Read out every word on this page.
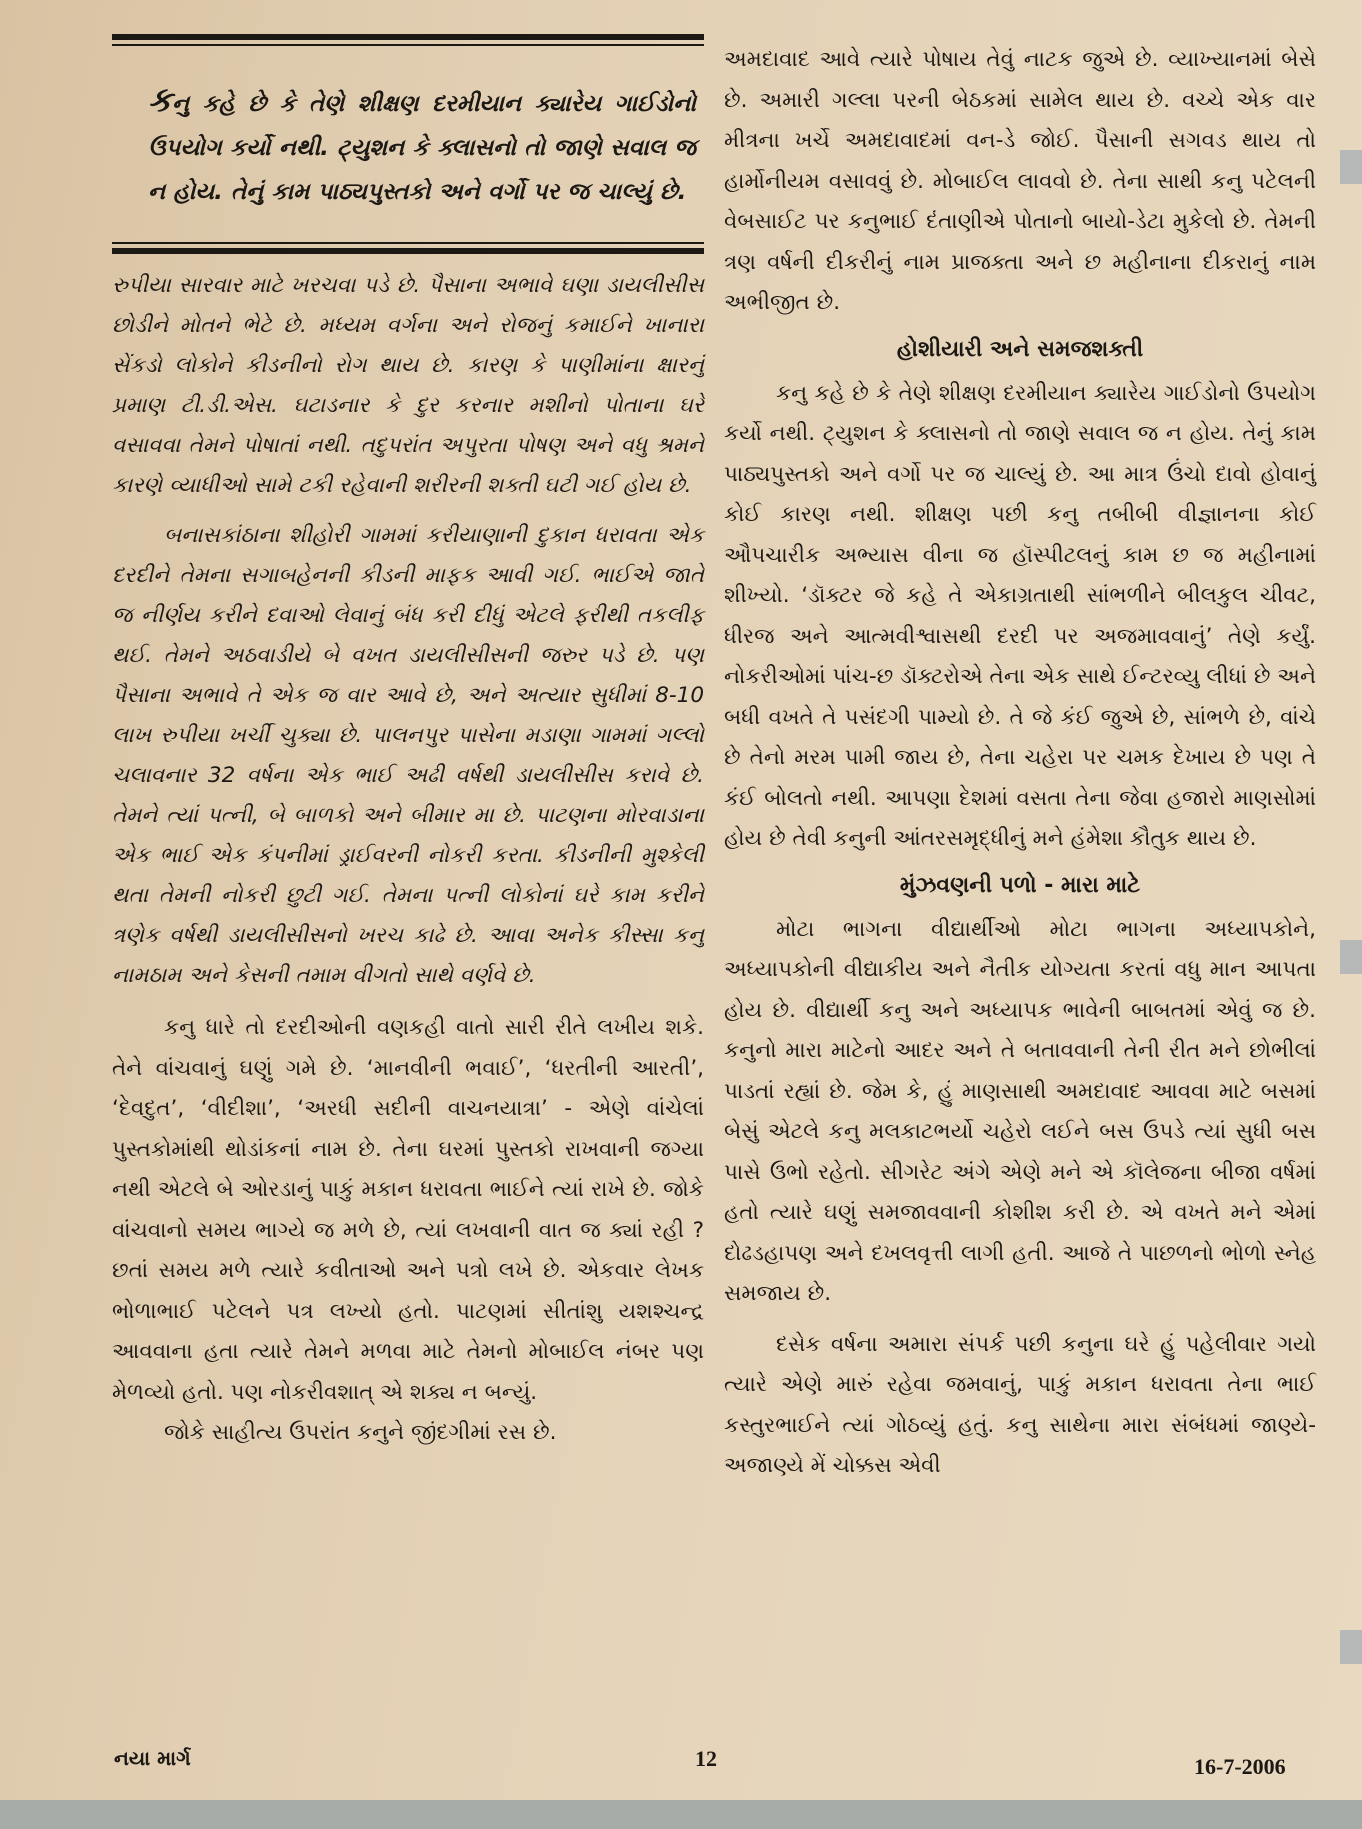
કનુ કહે છે કે તેણે શીક્ષણ દરમીયાન ક્યારેય ગાઈડોનો ઉપયોગ કર્યો નથી. ટ્યુશન કે ક્લાસનો તો જાણે સવાલ જ ન હોય. તેનું કામ પાઠ્યપુસ્તકો અને વર્ગો પર જ ચાલ્યું છે.

રુપીયા સારવાર માટે ખરચવા પડે છે. પૈસાના અભાવે ઘણા ડાયલીસીસ છોડીને મોતને ભેટે છે. મધ્યમ વર્ગના અને રોજનું કમાઈને ખાનારા સેંકડો લોકોને કીડનીનો રોગ થાય છે. કારણ કે પાણીમાંના ક્ષારનું પ્રમાણ ટી.ડી.એસ. ઘટાડનાર કે દુર કરનાર મશીનો પોતાના ઘરે વસાવવા તેમને પોષાતાં નથી. તદુપરાંત અપુરતા પોષણ અને વધુ શ્રમને કારણે વ્યાધીઓ સામે ટકી રહેવાની શરીરની શક્તી ઘટી ગઈ હોય છે.

બનાસકાંઠાના શીહોરી ગામમાં કરીયાણાની દુકાન ધરાવતા એક દરદીને તેમના સગાબહેનની કીડની માફક આવી ગઈ. ભાઈએ જાતે જ નીર્ણય કરીને દવાઓ લેવાનું બંધ કરી દીધું એટલે ફરીથી તકલીફ થઈ. તેમને અઠવાડીયે બે વખત ડાયલીસીસની જરુર પડે છે. પણ પૈસાના અભાવે તે એક જ વાર આવે છે, અને અત્યાર સુધીમાં 8-10 લાખ રુપીયા ખર્ચી ચુક્યા છે. પાલનપુર પાસેના મડાણા ગામમાં ગલ્લો ચલાવનાર 32 વર્ષના એક ભાઈ અઢી વર્ષથી ડાયલીસીસ કરાવે છે. તેમને ત્યાં પત્ની, બે બાળકો અને બીમાર મા છે. પાટણના મોરવાડાના એક ભાઈ એક કંપનીમાં ડ્રાઈવરની નોકરી કરતા. કીડનીની મુશ્કેલી થતા તેમની નોકરી છુટી ગઈ. તેમના પત્ની લોકોનાં ઘરે કામ કરીને ત્રણેક વર્ષથી ડાયલીસીસનો ખરચ કાઢે છે. આવા અનેક કીસ્સા કનુ નામઠામ અને કેસની તમામ વીગતો સાથે વર્ણવે છે.

કનુ ધારે તો દરદીઓની વણકહી વાતો સારી રીતે લખીય શકે. તેને વાંચવાનું ઘણું ગમે છે. ‘માનવીની ભવાઈ’, ‘ધરતીની આરતી’, ‘દેવદુત’, ‘વીદીશા’, ‘અરધી સદીની વાચનયાત્રા’ - એણે વાંચેલાં પુસ્તકોમાંથી થોડાંકનાં નામ છે. તેના ઘરમાં પુસ્તકો રાખવાની જગ્યા નથી એટલે બે ઓરડાનું પાકું મકાન ધરાવતા ભાઈને ત્યાં રાખે છે. જોકે વાંચવાનો સમય ભાગ્યે જ મળે છે, ત્યાં લખવાની વાત જ ક્યાં રહી ? છતાં સમય મળે ત્યારે કવીતાઓ અને પત્રો લખે છે. એકવાર લેખક ભોળાભાઈ પટેલને પત્ર લખ્યો હતો. પાટણમાં સીતાંશુ યશશ્ચન્દ્ર આવવાના હતા ત્યારે તેમને મળવા માટે તેમનો મોબાઈલ નંબર પણ મેળવ્યો હતો. પણ નોકરીવશાત્ એ શક્ય ન બન્યું.

જોકે સાહીત્ય ઉપરાંત કનુને જીંદગીમાં રસ છે.

અમદાવાદ આવે ત્યારે પોષાય તેવું નાટક જુએ છે. વ્યાખ્યાનમાં બેસે છે. અમારી ગલ્લા પરની બેઠકમાં સામેલ થાય છે. વચ્ચે એક વાર મીત્રના ખર્ચે અમદાવાદમાં વન-ડે જોઈ. પૈસાની સગવડ થાય તો હાર્મોનીયમ વસાવવું છે. મોબાઈલ લાવવો છે. તેના સાથી કનુ પટેલની વેબસાઈટ પર કનુભાઈ દંતાણીએ પોતાનો બાયો-ડેટા મુકેલો છે. તેમની ત્રણ વર્ષની દીકરીનું નામ પ્રાજક્તા અને છ મહીનાના દીકરાનું નામ અભીજીત છે.

હોશીયારી અને સમજશક્તી

કનુ કહે છે કે તેણે શીક્ષણ દરમીયાન ક્યારેય ગાઈડોનો ઉપયોગ કર્યો નથી. ટ્યુશન કે ક્લાસનો તો જાણે સવાલ જ ન હોય. તેનું કામ પાઠ્યપુસ્તકો અને વર્ગો પર જ ચાલ્યું છે. આ માત્ર ઉંચો દાવો હોવાનું કોઈ કારણ નથી. શીક્ષણ પછી કનુ તબીબી વીજ્ઞાનના કોઈ ઔપચારીક અભ્યાસ વીના જ હૉસ્પીટલનું કામ છ જ મહીનામાં શીખ્યો. ‘ડૉક્ટર જે કહે તે એકાગ્રતાથી સાંભળીને બીલકુલ ચીવટ, ધીરજ અને આત્મવીશ્વાસથી દરદી પર અજમાવવાનું’ તેણે કર્યું. નોકરીઓમાં પાંચ-છ ડૉક્ટરોએ તેના એક સાથે ઈન્ટરવ્યુ લીધાં છે અને બધી વખતે તે પસંદગી પામ્યો છે. તે જે કંઈ જુએ છે, સાંભળે છે, વાંચે છે તેનો મરમ પામી જાય છે, તેના ચહેરા પર ચમક દેખાય છે પણ તે કંઈ બોલતો નથી. આપણા દેશમાં વસતા તેના જેવા હજારો માણસોમાં હોય છે તેવી કનુની આંતરસમૃદ્ધીનું મને હંમેશા કૌતુક થાય છે.

મુંઝવણની પળો - મારા માટે

મોટા ભાગના વીદ્યાર્થીઓ મોટા ભાગના અધ્યાપકોને, અધ્યાપકોની વીદ્યાકીય અને નૈતીક યોગ્યતા કરતાં વધુ માન આપતા હોય છે. વીદ્યાર્થી કનુ અને અધ્યાપક ભાવેની બાબતમાં એવું જ છે. કનુનો મારા માટેનો આદર અને તે બતાવવાની તેની રીત મને છોભીલાં પાડતાં રહ્યાં છે. જેમ કે, હું માણસાથી અમદાવાદ આવવા માટે બસમાં બેસું એટલે કનુ મલકાટભર્યો ચહેરો લઈને બસ ઉપડે ત્યાં સુધી બસ પાસે ઉભો રહેતો. સીગરેટ અંગે એણે મને એ કૉલેજના બીજા વર્ષમાં હતો ત્યારે ઘણું સમજાવવાની કોશીશ કરી છે. એ વખતે મને એમાં દોઢડહાપણ અને દખલવૃત્તી લાગી હતી. આજે તે પાછળનો ભોળો સ્નેહ સમજાય છે.

દસેક વર્ષના અમારા સંપર્ક પછી કનુના ઘરે હું પહેલીવાર ગયો ત્યારે એણે મારું રહેવા જમવાનું, પાકું મકાન ધરાવતા તેના ભાઈ કસ્તુરભાઈને ત્યાં ગોઠવ્યું હતું. કનુ સાથેના મારા સંબંધમાં જાણ્યે-અજાણ્યે મેં ચોક્કસ એવી

નયા માર્ગ	12	16-7-2006
